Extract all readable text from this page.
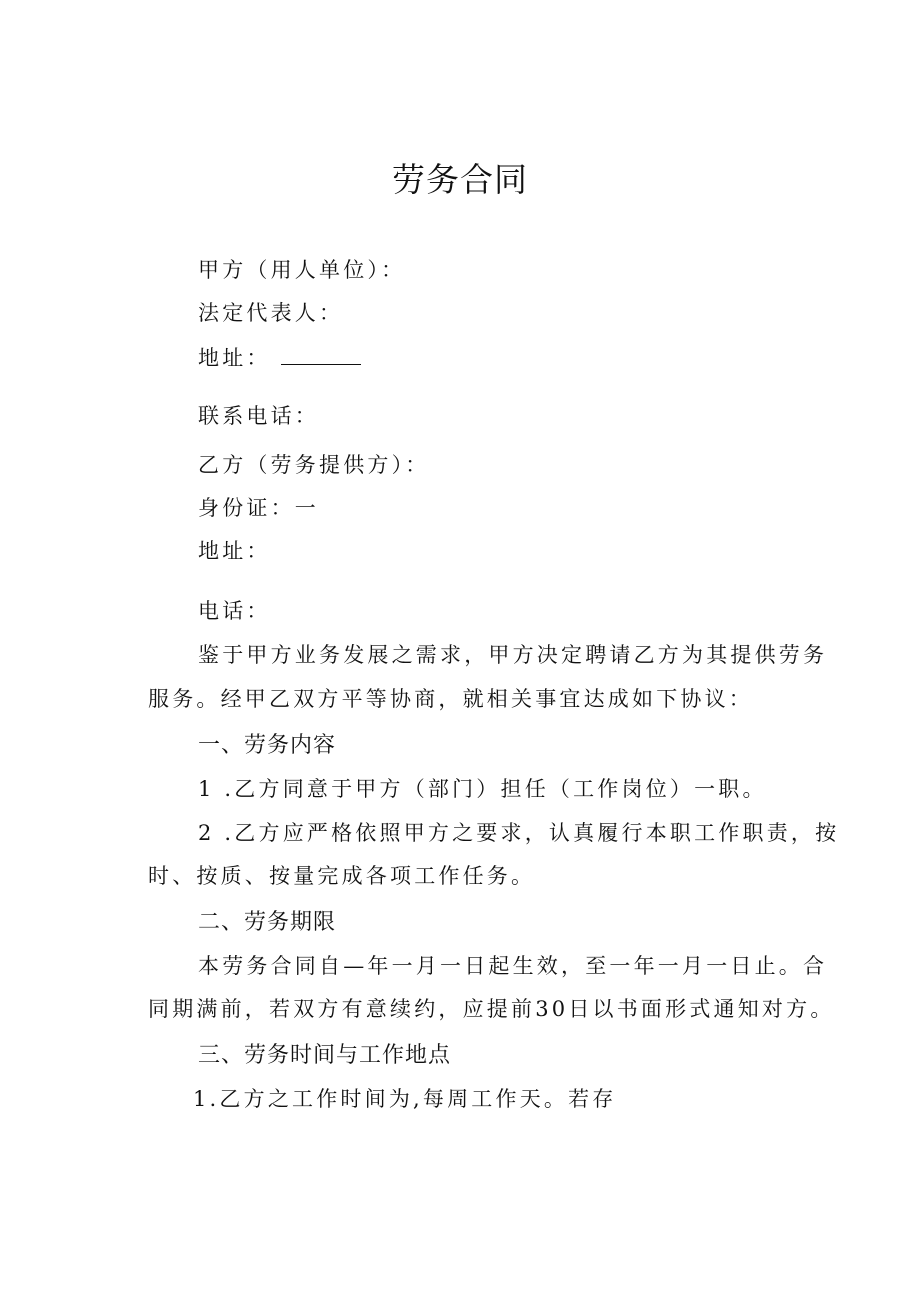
劳务合同
甲方（用人单位）：
法定代表人：
地址：
联系电话：
乙方（劳务提供方）：
身份证：一
地址：
电话：
鉴于甲方业务发展之需求，甲方决定聘请乙方为其提供劳务
服务。经甲乙双方平等协商，就相关事宜达成如下协议：
一、劳务内容
1 .乙方同意于甲方（部门）担任（工作岗位）一职。
2 .乙方应严格依照甲方之要求，认真履行本职工作职责，按
时、按质、按量完成各项工作任务。
二、劳务期限
本劳务合同自—年一月一日起生效，至一年一月一日止。合
同期满前，若双方有意续约，应提前30日以书面形式通知对方。
三、劳务时间与工作地点
1.乙方之工作时间为,每周工作天。若存
